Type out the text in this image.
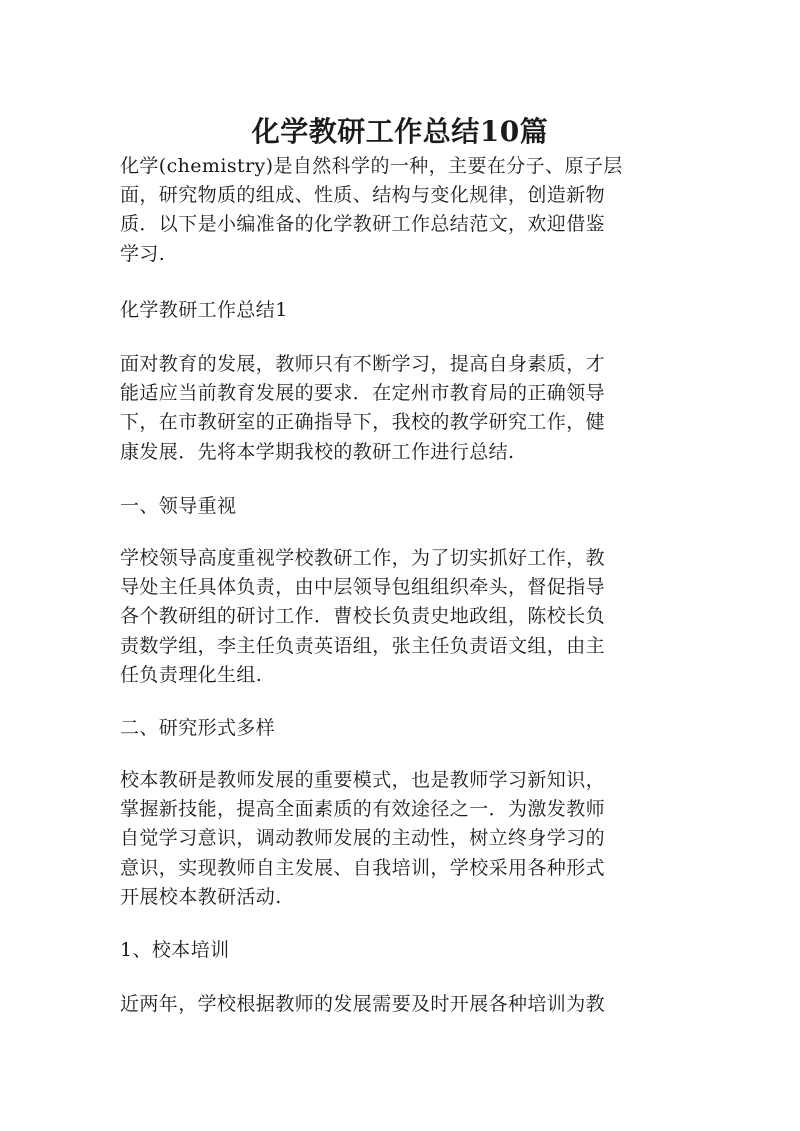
化学教研工作总结10篇
化学(chemistry)是自然科学的一种，主要在分子、原子层
面，研究物质的组成、性质、结构与变化规律，创造新物
质．以下是小编准备的化学教研工作总结范文，欢迎借鉴
学习.
化学教研工作总结1
面对教育的发展，教师只有不断学习，提高自身素质，才
能适应当前教育发展的要求．在定州市教育局的正确领导
下，在市教研室的正确指导下，我校的教学研究工作，健
康发展．先将本学期我校的教研工作进行总结.
一、领导重视
学校领导高度重视学校教研工作，为了切实抓好工作，教
导处主任具体负责，由中层领导包组组织牵头，督促指导
各个教研组的研讨工作．曹校长负责史地政组，陈校长负
责数学组，李主任负责英语组，张主任负责语文组，由主
任负责理化生组.
二、研究形式多样
校本教研是教师发展的重要模式，也是教师学习新知识，
掌握新技能，提高全面素质的有效途径之一．为激发教师
自觉学习意识，调动教师发展的主动性，树立终身学习的
意识，实现教师自主发展、自我培训，学校采用各种形式
开展校本教研活动.
1、校本培训
近两年，学校根据教师的发展需要及时开展各种培训为教
